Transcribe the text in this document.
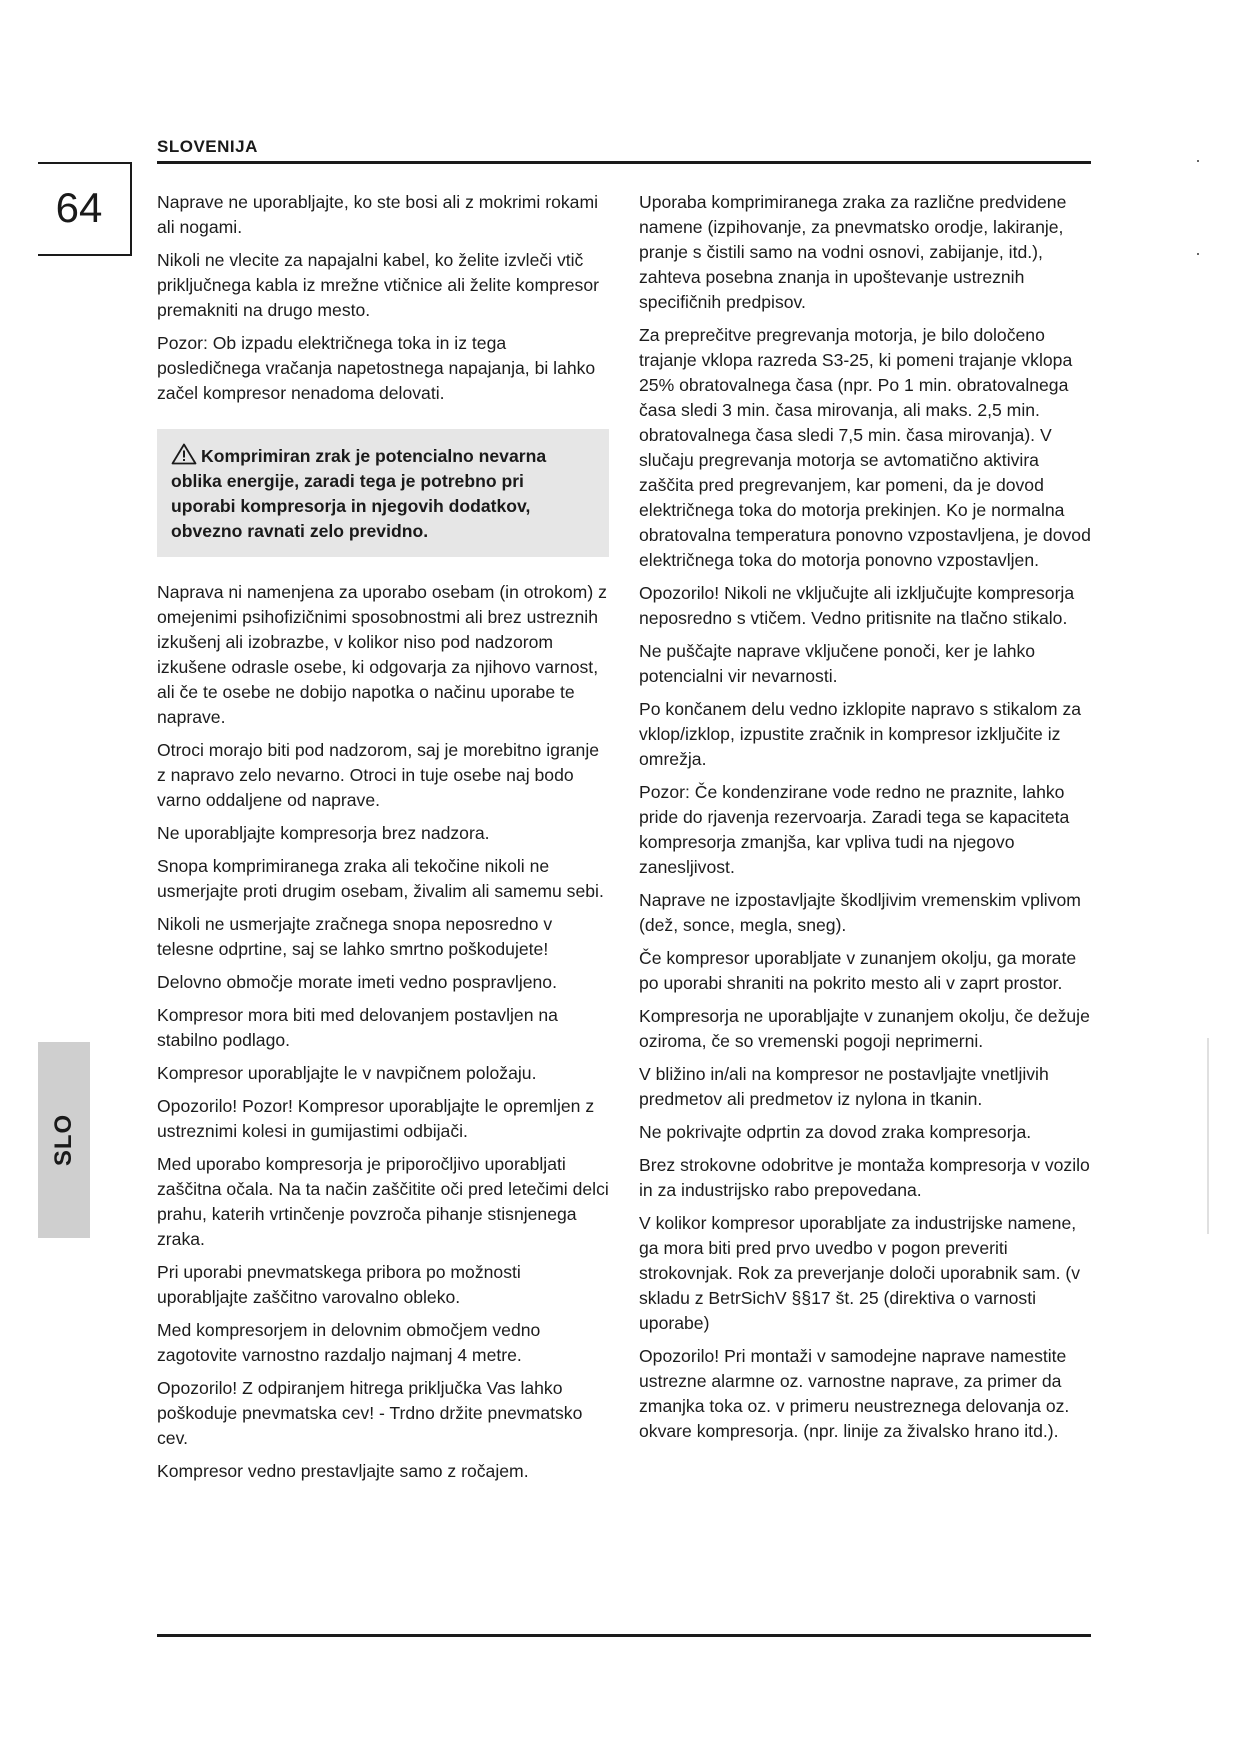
SLOVENIJA
64
SLO

Naprave ne uporabljajte, ko ste bosi ali z mokrimi rokami ali nogami.

Nikoli ne vlecite za napajalni kabel, ko želite izvleči vtič priključnega kabla iz mrežne vtičnice ali želite kompresor premakniti na drugo mesto.

Pozor: Ob izpadu električnega toka in iz tega posledičnega vračanja napetostnega napajanja, bi lahko začel kompresor nenadoma delovati.

Komprimiran zrak je potencialno nevarna oblika energije, zaradi tega je potrebno pri uporabi kompresorja in njegovih dodatkov, obvezno ravnati zelo previdno.

Naprava ni namenjena za uporabo osebam (in otrokom) z omejenimi psihofizičnimi sposobnostmi ali brez ustreznih izkušenj ali izobrazbe, v kolikor niso pod nadzorom izkušene odrasle osebe, ki odgovarja za njihovo varnost, ali če te osebe ne dobijo napotka o načinu uporabe te naprave.

Otroci morajo biti pod nadzorom, saj je morebitno igranje z napravo zelo nevarno. Otroci in tuje osebe naj bodo varno oddaljene od naprave.

Ne uporabljajte kompresorja brez nadzora.

Snopa komprimiranega zraka ali tekočine nikoli ne usmerjajte proti drugim osebam, živalim ali samemu sebi.

Nikoli ne usmerjajte zračnega snopa neposredno v telesne odprtine, saj se lahko smrtno poškodujete!

Delovno območje morate imeti vedno pospravljeno.

Kompresor mora biti med delovanjem postavljen na stabilno podlago.

Kompresor uporabljajte le v navpičnem položaju.

Opozorilo! Pozor! Kompresor uporabljajte le opremljen z ustreznimi kolesi in gumijastimi odbijači.

Med uporabo kompresorja je priporočljivo uporabljati zaščitna očala. Na ta način zaščitite oči pred letečimi delci prahu, katerih vrtinčenje povzroča pihanje stisnjenega zraka.

Pri uporabi pnevmatskega pribora po možnosti uporabljajte zaščitno varovalno obleko.

Med kompresorjem in delovnim območjem vedno zagotovite varnostno razdaljo najmanj 4 metre.

Opozorilo! Z odpiranjem hitrega priključka Vas lahko poškoduje pnevmatska cev! - Trdno držite pnevmatsko cev.

Kompresor vedno prestavljajte samo z ročajem.

Uporaba komprimiranega zraka za različne predvidene namene (izpihovanje, za pnevmatsko orodje, lakiranje, pranje s čistili samo na vodni osnovi, zabijanje, itd.), zahteva posebna znanja in upoštevanje ustreznih specifičnih predpisov.

Za preprečitve pregrevanja motorja, je bilo določeno trajanje vklopa razreda S3-25, ki pomeni trajanje vklopa 25% obratovalnega časa (npr. Po 1 min. obratovalnega časa sledi 3 min. časa mirovanja, ali maks. 2,5 min. obratovalnega časa sledi 7,5 min. časa mirovanja). V slučaju pregrevanja motorja se avtomatično aktivira zaščita pred pregrevanjem, kar pomeni, da je dovod električnega toka do motorja prekinjen. Ko je normalna obratovalna temperatura ponovno vzpostavljena, je dovod električnega toka do motorja ponovno vzpostavljen.

Opozorilo! Nikoli ne vključujte ali izključujte kompresorja neposredno s vtičem. Vedno pritisnite na tlačno stikalo.

Ne puščajte naprave vključene ponoči, ker je lahko potencialni vir nevarnosti.

Po končanem delu vedno izklopite napravo s stikalom za vklop/izklop, izpustite zračnik in kompresor izključite iz omrežja.

Pozor: Če kondenzirane vode redno ne praznite, lahko pride do rjavenja rezervoarja. Zaradi tega se kapaciteta kompresorja zmanjša, kar vpliva tudi na njegovo zanesljivost.

Naprave ne izpostavljajte škodljivim vremenskim vplivom (dež, sonce, megla, sneg).

Če kompresor uporabljate v zunanjem okolju, ga morate po uporabi shraniti na pokrito mesto ali v zaprt prostor.

Kompresorja ne uporabljajte v zunanjem okolju, če dežuje oziroma, če so vremenski pogoji neprimerni.

V bližino in/ali na kompresor ne postavljajte vnetljivih predmetov ali predmetov iz nylona in tkanin.

Ne pokrivajte odprtin za dovod zraka kompresorja.

Brez strokovne odobritve je montaža kompresorja v vozilo in za industrijsko rabo prepovedana.

V kolikor kompresor uporabljate za industrijske namene, ga mora biti pred prvo uvedbo v pogon preveriti strokovnjak. Rok za preverjanje določi uporabnik sam. (v skladu z BetrSichV §§17 št. 25 (direktiva o varnosti uporabe)

Opozorilo! Pri montaži v samodejne naprave namestite ustrezne alarmne oz. varnostne naprave, za primer da zmanjka toka oz. v primeru neustreznega delovanja oz. okvare kompresorja. (npr. linije za živalsko hrano itd.).
